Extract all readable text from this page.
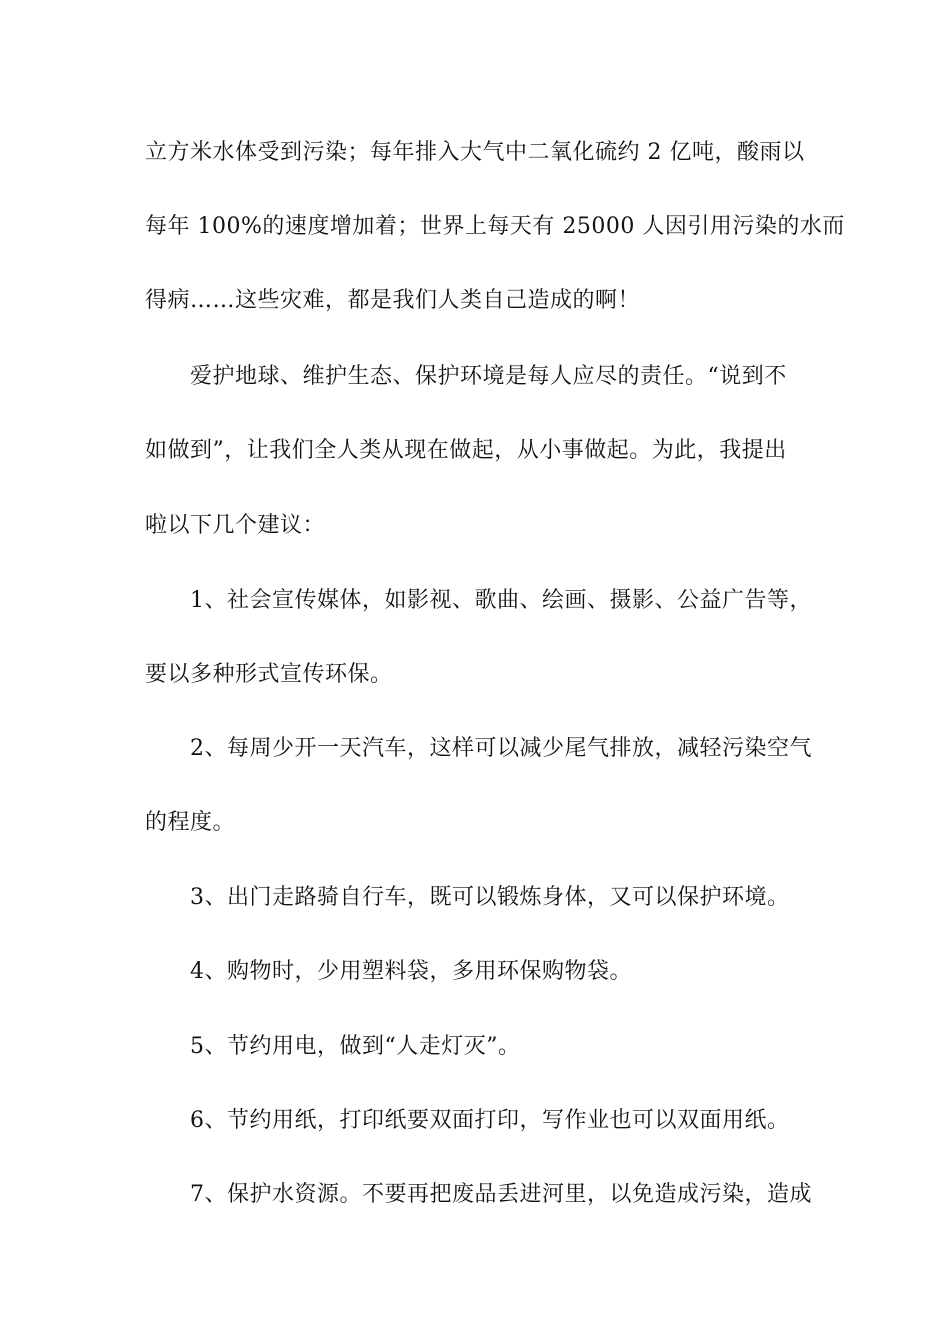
立方米水体受到污染；每年排入大气中二氧化硫约 2 亿吨，酸雨以
每年 100%的速度增加着；世界上每天有 25000 人因引用污染的水而
得病……这些灾难，都是我们人类自己造成的啊！
爱护地球、维护生态、保护环境是每人应尽的责任。“说到不
如做到”，让我们全人类从现在做起，从小事做起。为此，我提出
啦以下几个建议：
1、社会宣传媒体，如影视、歌曲、绘画、摄影、公益广告等，
要以多种形式宣传环保。
2、每周少开一天汽车，这样可以减少尾气排放，减轻污染空气
的程度。
3、出门走路骑自行车，既可以锻炼身体，又可以保护环境。
4、购物时，少用塑料袋，多用环保购物袋。
5、节约用电，做到“人走灯灭”。
6、节约用纸，打印纸要双面打印，写作业也可以双面用纸。
7、保护水资源。不要再把废品丢进河里，以免造成污染，造成
